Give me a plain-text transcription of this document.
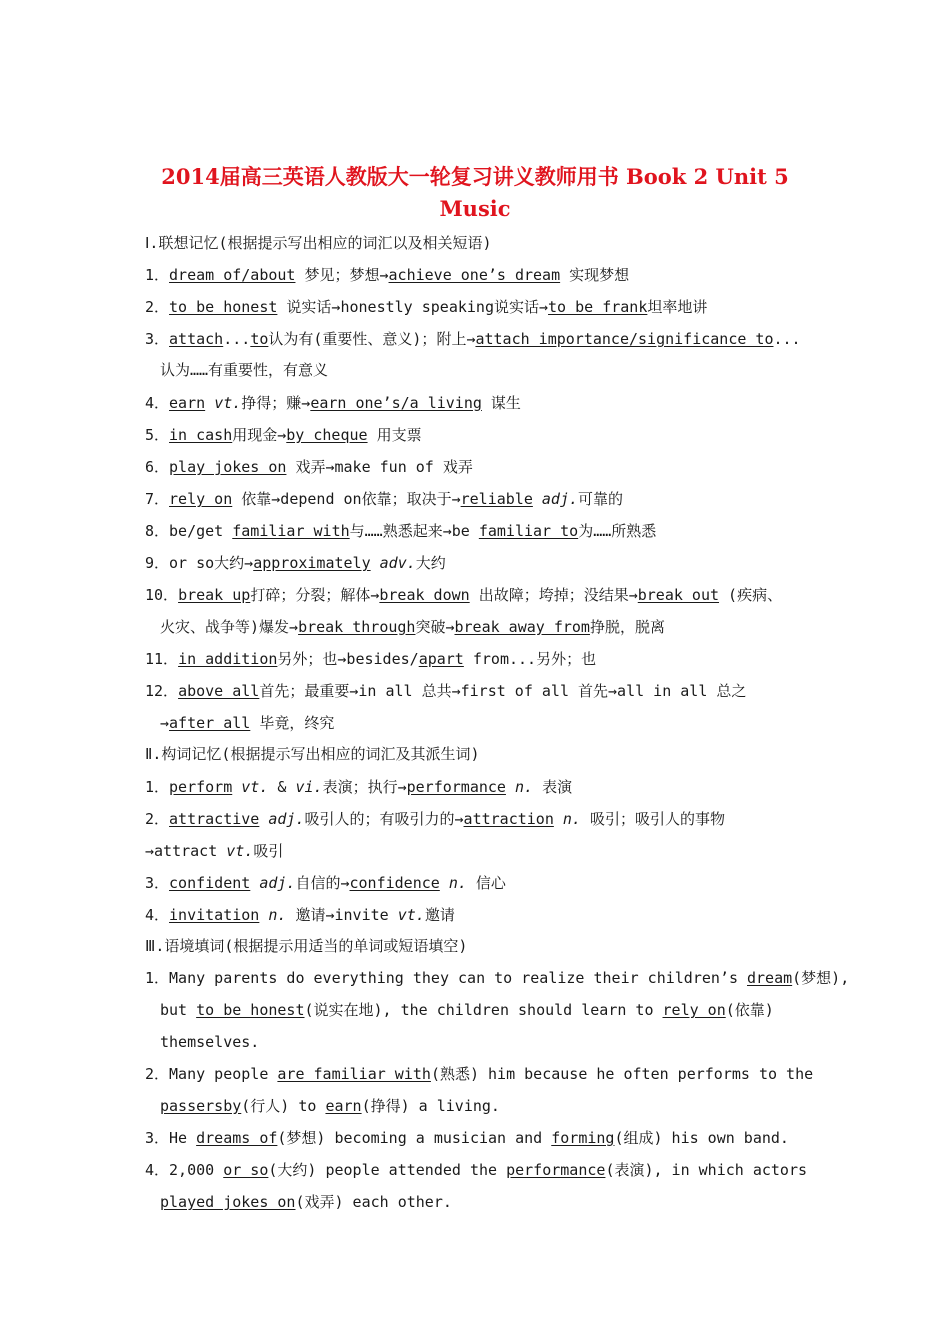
2014届高三英语人教版大一轮复习讲义教师用书 Book 2 Unit 5
Music
Ⅰ.联想记忆(根据提示写出相应的词汇以及相关短语)
1．dream of/about 梦见；梦想→achieve one’s dream 实现梦想
2．to be honest 说实话→honestly speaking说实话→to be frank坦率地讲
3．attach...to认为有(重要性、意义)；附上→attach importance/significance to...
认为……有重要性，有意义
4．earn vt.挣得；赚→earn one’s/a living 谋生
5．in cash用现金→by cheque 用支票
6．play jokes on 戏弄→make fun of 戏弄
7．rely on 依靠→depend on依靠；取决于→reliable adj.可靠的
8．be/get familiar with与……熟悉起来→be familiar to为……所熟悉
9．or so大约→approximately adv.大约
10．break up打碎；分裂；解体→break down 出故障；垮掉；没结果→break out (疾病、
火灾、战争等)爆发→break through突破→break away from挣脱，脱离
11．in addition另外；也→besides/apart from...另外；也
12．above all首先；最重要→in all 总共→first of all 首先→all in all 总之
→after all 毕竟，终究
Ⅱ.构词记忆(根据提示写出相应的词汇及其派生词)
1．perform vt. & vi.表演；执行→performance n. 表演
2．attractive adj.吸引人的；有吸引力的→attraction n. 吸引；吸引人的事物
→attract vt.吸引
3．confident adj.自信的→confidence n. 信心
4．invitation n. 邀请→invite vt.邀请
Ⅲ.语境填词(根据提示用适当的单词或短语填空)
1．Many parents do everything they can to realize their children’s dream(梦想),
but to be honest(说实在地), the children should learn to rely on(依靠)
themselves.
2．Many people are familiar with(熟悉) him because he often performs to the
passersby(行人) to earn(挣得) a living.
3．He dreams of(梦想) becoming a musician and forming(组成) his own band.
4．2,000 or so(大约) people attended the performance(表演), in which actors
played jokes on(戏弄) each other.
